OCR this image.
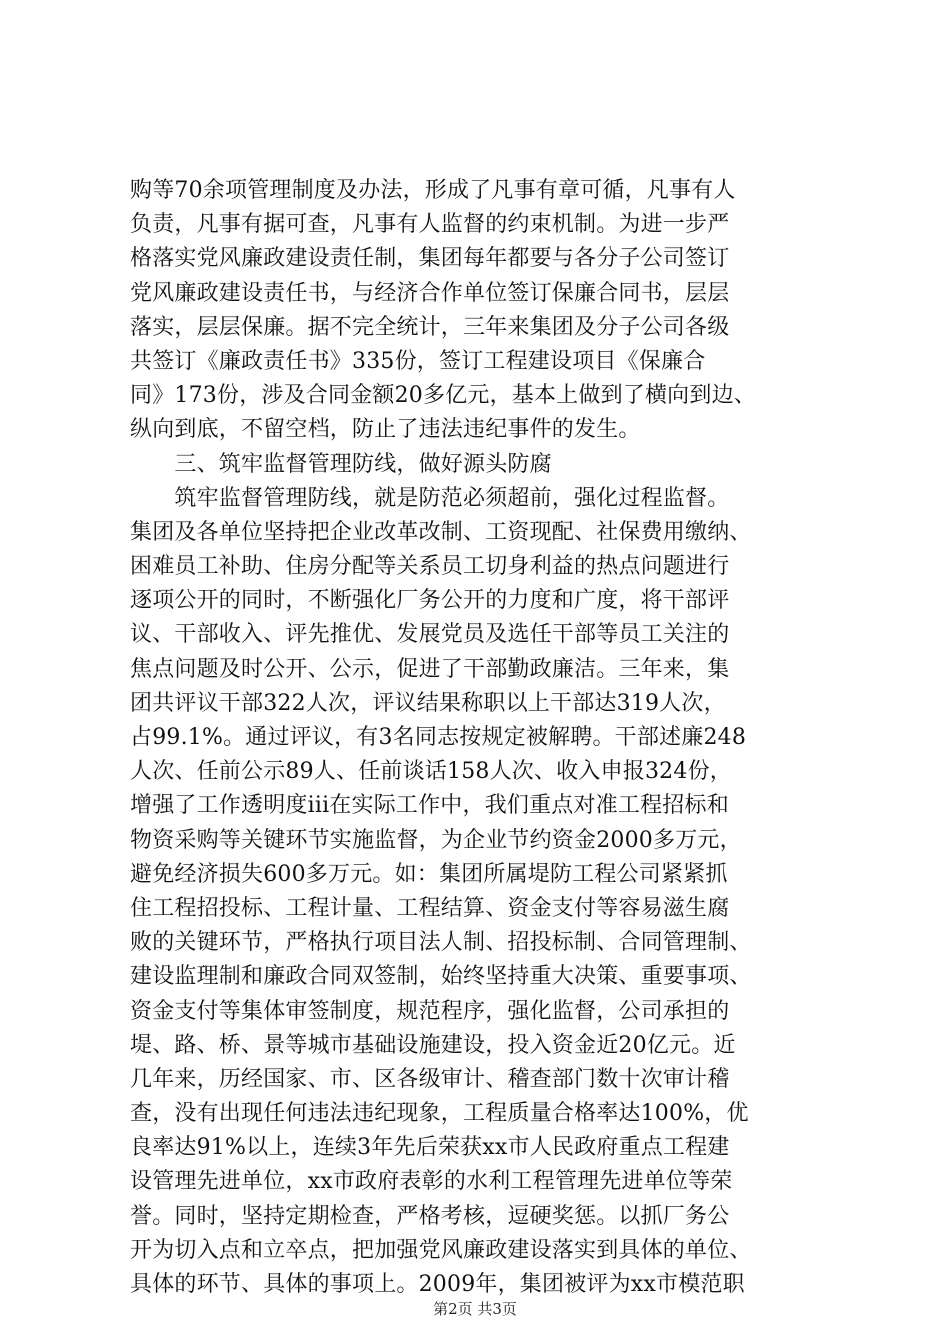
购等70余项管理制度及办法，形成了凡事有章可循，凡事有人
负责，凡事有据可查，凡事有人监督的约束机制。为进一步严
格落实党风廉政建设责任制，集团每年都要与各分子公司签订
党风廉政建设责任书，与经济合作单位签订保廉合同书，层层
落实，层层保廉。据不完全统计，三年来集团及分子公司各级
共签订《廉政责任书》335份，签订工程建设项目《保廉合
同》173份，涉及合同金额20多亿元，基本上做到了横向到边、
纵向到底，不留空档，防止了违法违纪事件的发生。
　　三、筑牢监督管理防线，做好源头防腐
　　筑牢监督管理防线，就是防范必须超前，强化过程监督。
集团及各单位坚持把企业改革改制、工资现配、社保费用缴纳、
困难员工补助、住房分配等关系员工切身利益的热点问题进行
逐项公开的同时，不断强化厂务公开的力度和广度，将干部评
议、干部收入、评先推优、发展党员及选任干部等员工关注的
焦点问题及时公开、公示，促进了干部勤政廉洁。三年来，集
团共评议干部322人次，评议结果称职以上干部达319人次，
占99.1%。通过评议，有3名同志按规定被解聘。干部述廉248
人次、任前公示89人、任前谈话158人次、收入申报324份，
增强了工作透明度iii在实际工作中，我们重点对准工程招标和
物资采购等关键环节实施监督，为企业节约资金2000多万元，
避免经济损失600多万元。如：集团所属堤防工程公司紧紧抓
住工程招投标、工程计量、工程结算、资金支付等容易滋生腐
败的关键环节，严格执行项目法人制、招投标制、合同管理制、
建设监理制和廉政合同双签制，始终坚持重大决策、重要事项、
资金支付等集体审签制度，规范程序，强化监督，公司承担的
堤、路、桥、景等城市基础设施建设，投入资金近20亿元。近
几年来，历经国家、市、区各级审计、稽查部门数十次审计稽
查，没有出现任何违法违纪现象，工程质量合格率达100%，优
良率达91%以上，连续3年先后荣获xx市人民政府重点工程建
设管理先进单位，xx市政府表彰的水利工程管理先进单位等荣
誉。同时，坚持定期检查，严格考核，逗硬奖惩。以抓厂务公
开为切入点和立卒点，把加强党风廉政建设落实到具体的单位、
具体的环节、具体的事项上。2009年，集团被评为xx市模范职
第2页 共3页
